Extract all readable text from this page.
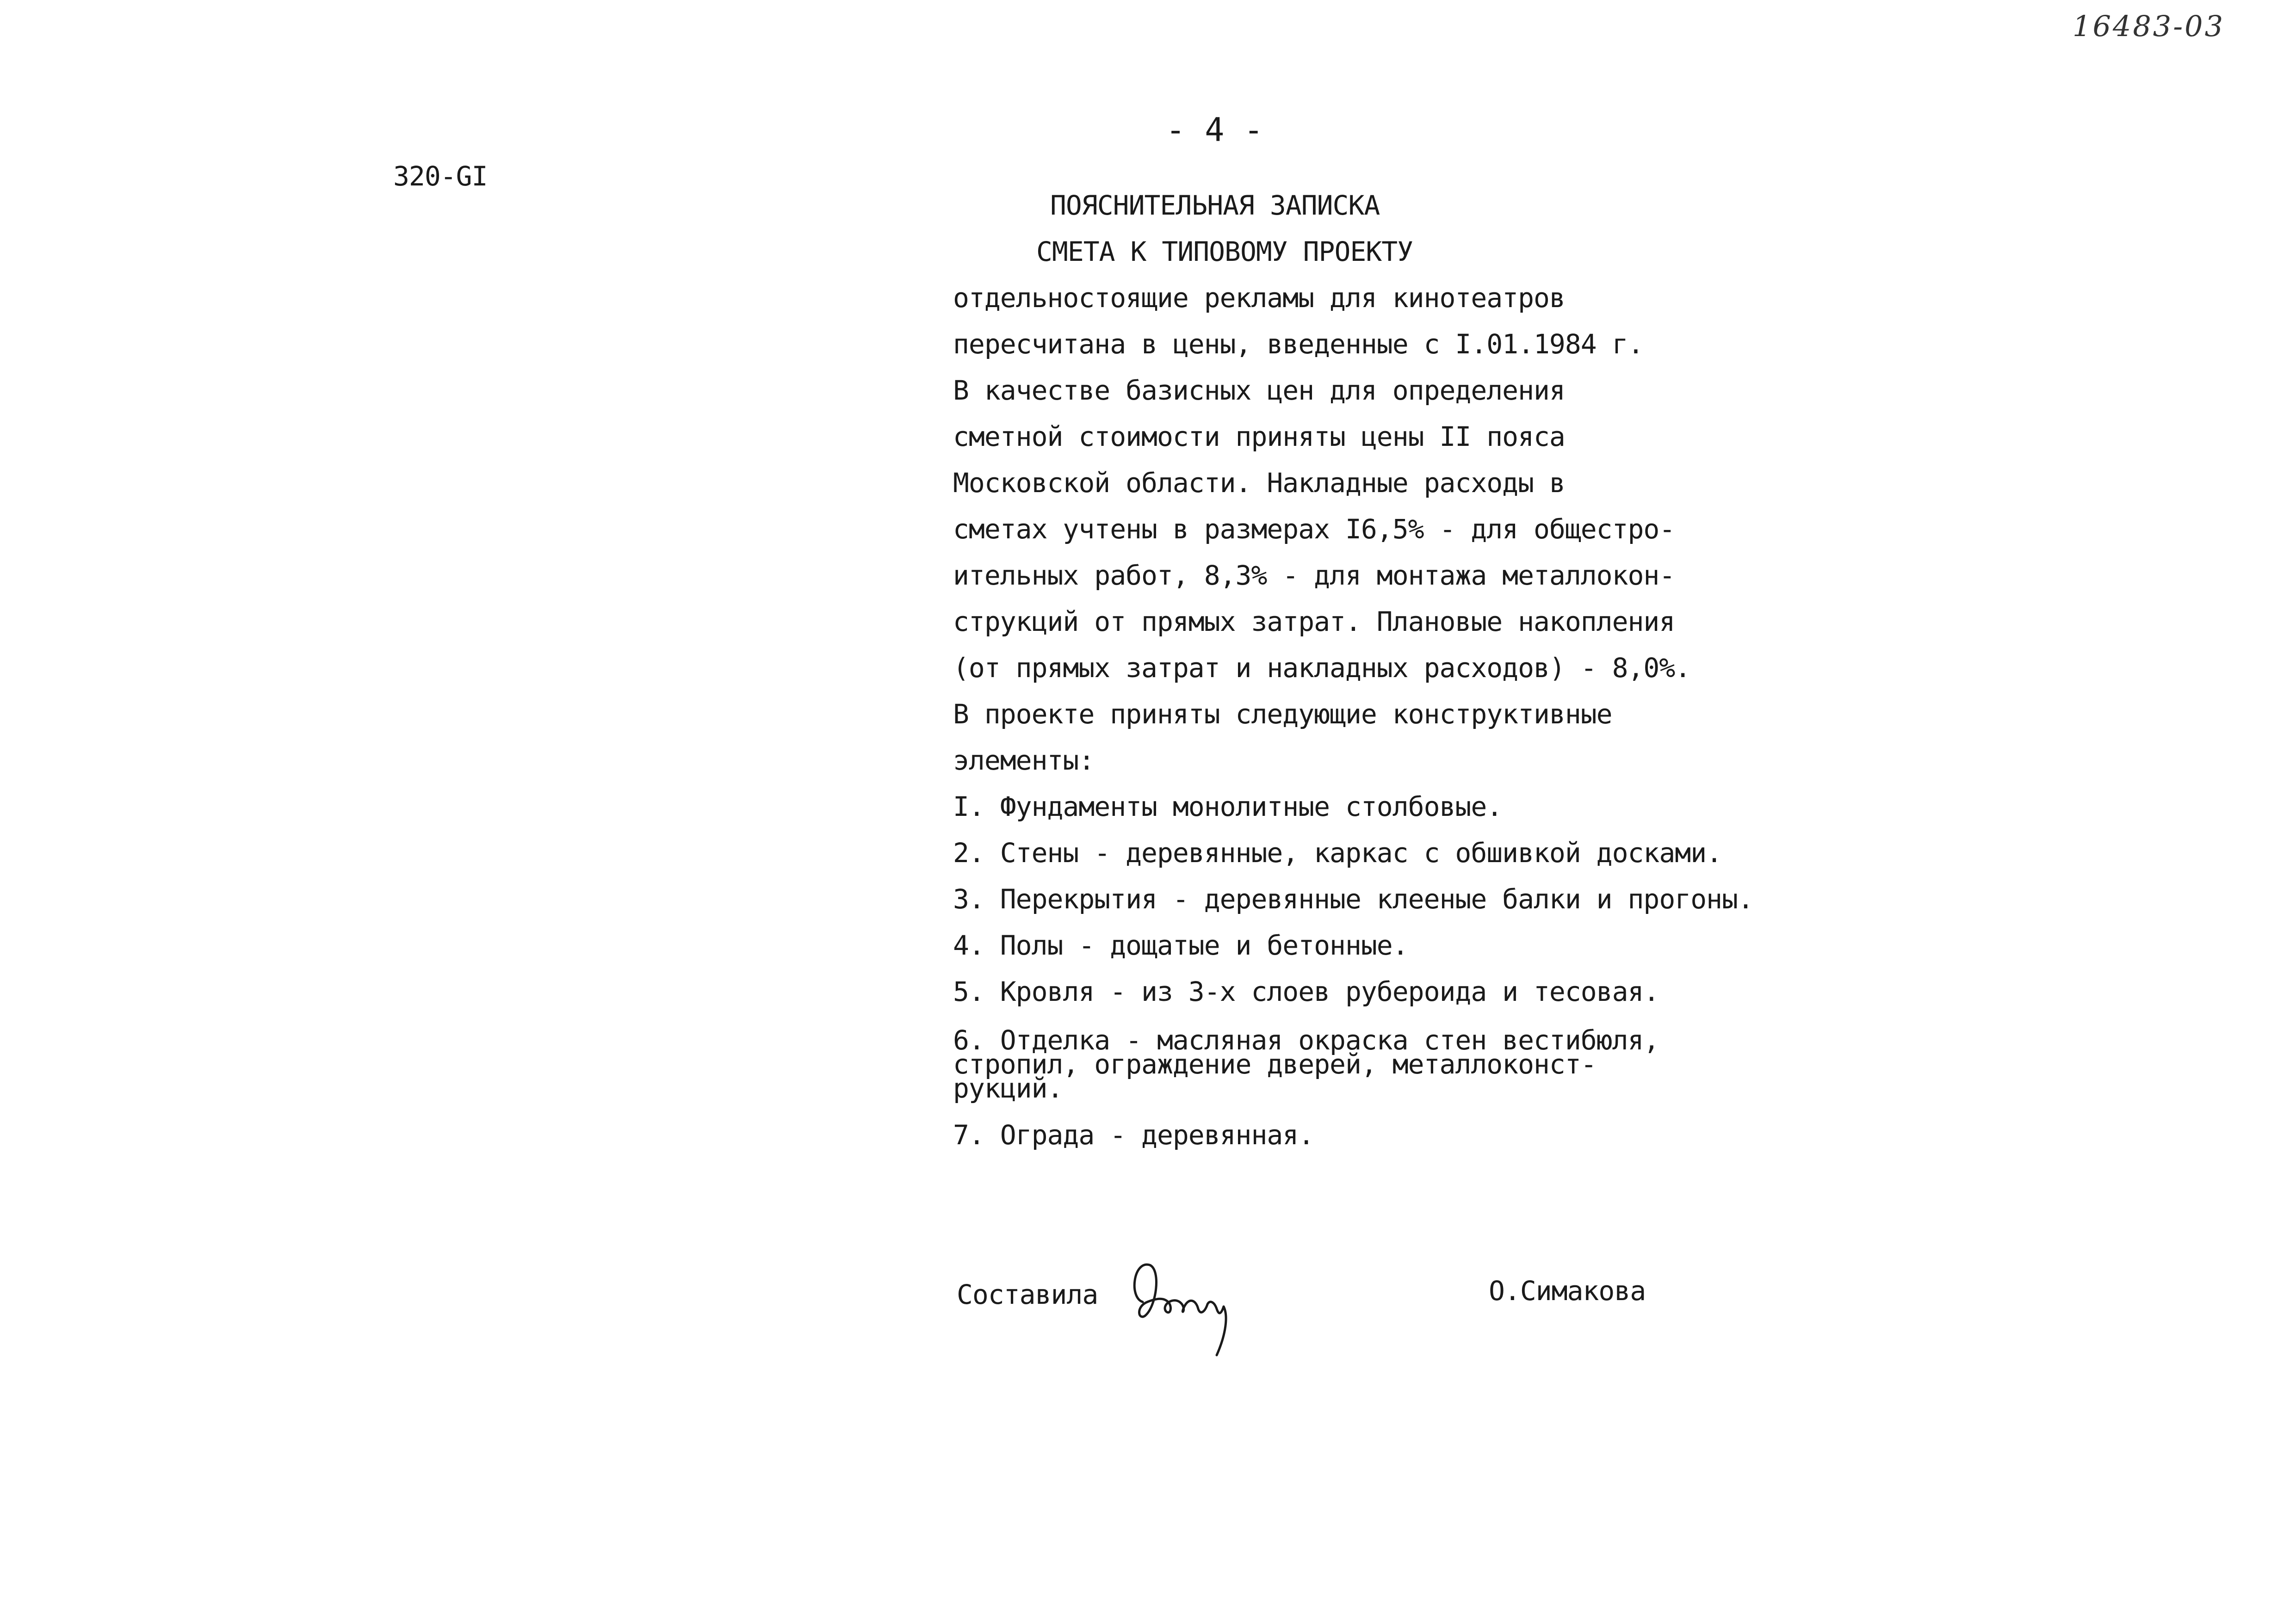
16483-03
- 4 -
320-GI
ПОЯСНИТЕЛЬНАЯ ЗАПИСКА
СМЕТА К ТИПОВОМУ ПРОЕКТУ
отдельностоящие рекламы для кинотеатров
пересчитана в цены, введенные с I.01.1984 г.
В качестве базисных цен для определения
сметной стоимости приняты цены II пояса
Московской области. Накладные расходы в
сметах учтены в размерах I6,5% - для общестро-
ительных работ, 8,3% - для монтажа металлокон-
струкций от прямых затрат. Плановые накопления
(от прямых затрат и накладных расходов) - 8,0%.
В проекте приняты следующие конструктивные
элементы:
I. Фундаменты монолитные столбовые.
2. Стены - деревянные, каркас с обшивкой досками.
3. Перекрытия - деревянные клееные балки и прогоны.
4. Полы - дощатые и бетонные.
5. Кровля - из 3-х слоев рубероида и тесовая.
6. Отделка - масляная окраска стен вестибюля,
стропил, ограждение дверей, металлоконст-
рукций.
7. Ограда - деревянная.
Составила	О.Симакова
